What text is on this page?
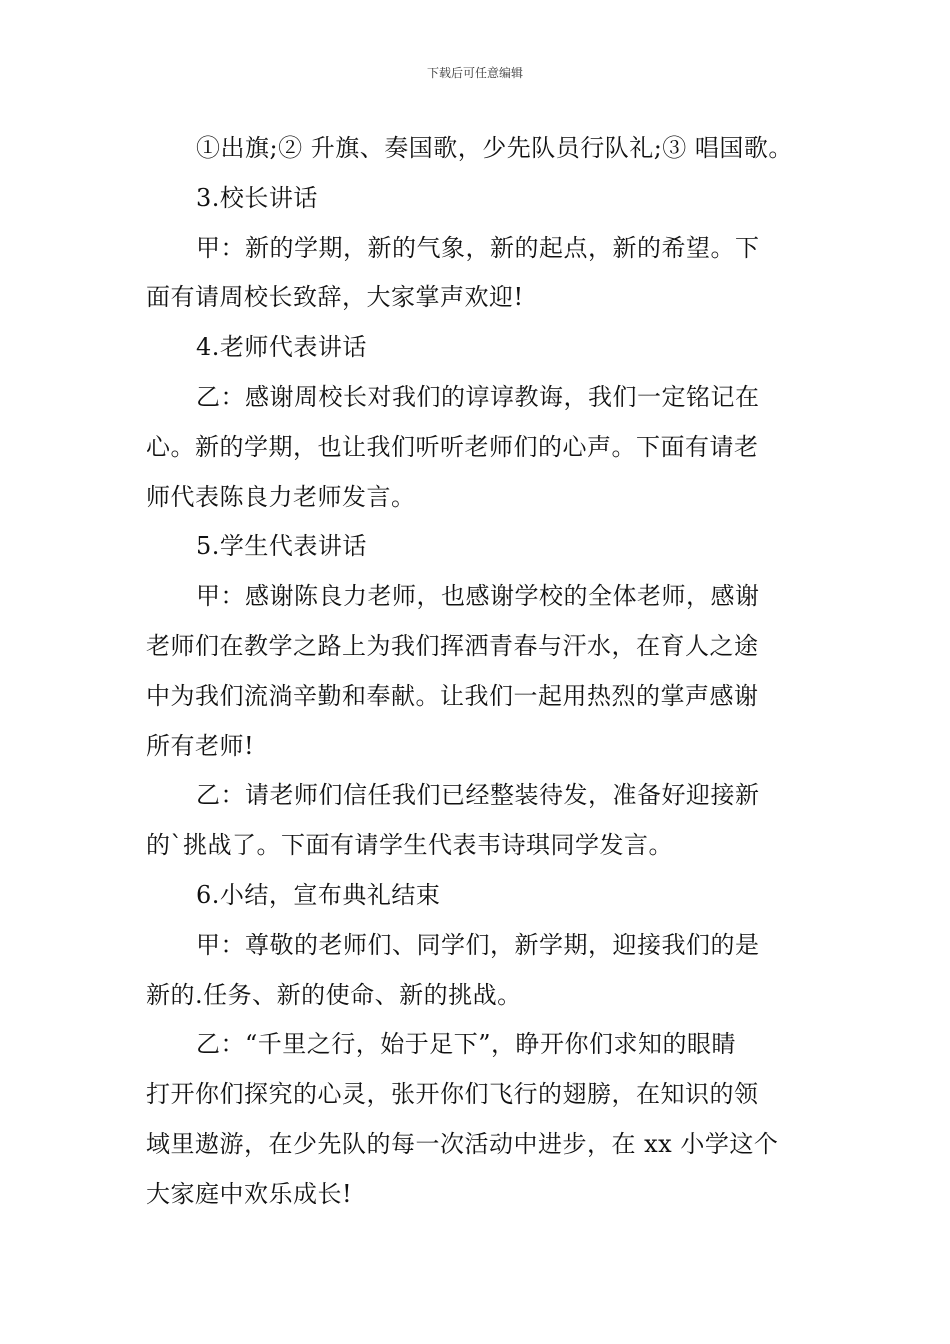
下载后可任意编辑
①出旗;② 升旗、奏国歌，少先队员行队礼;③ 唱国歌。
3.校长讲话
甲：新的学期，新的气象，新的起点，新的希望。下
面有请周校长致辞，大家掌声欢迎!
4.老师代表讲话
乙：感谢周校长对我们的谆谆教诲，我们一定铭记在
心。新的学期，也让我们听听老师们的心声。下面有请老
师代表陈良力老师发言。
5.学生代表讲话
甲：感谢陈良力老师，也感谢学校的全体老师，感谢
老师们在教学之路上为我们挥洒青春与汗水，在育人之途
中为我们流淌辛勤和奉献。让我们一起用热烈的掌声感谢
所有老师!
乙：请老师们信任我们已经整装待发，准备好迎接新
的`挑战了。下面有请学生代表韦诗琪同学发言。
6.小结，宣布典礼结束
甲：尊敬的老师们、同学们，新学期，迎接我们的是
新的.任务、新的使命、新的挑战。
乙：“千里之行，始于足下”，睁开你们求知的眼睛
打开你们探究的心灵，张开你们飞行的翅膀，在知识的领
域里遨游，在少先队的每一次活动中进步，在 xx 小学这个
大家庭中欢乐成长!
